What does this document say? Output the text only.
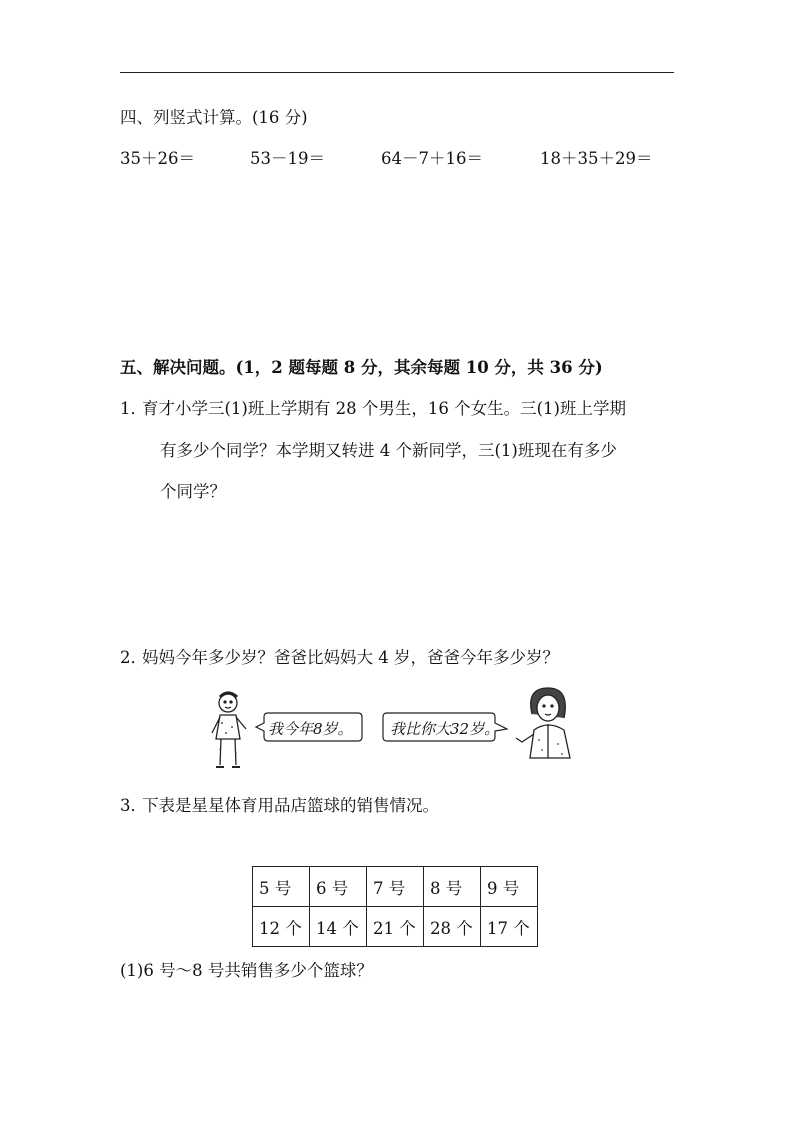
四、列竖式计算。(16 分)
35＋26＝	53－19＝	64－7＋16＝	18＋35＋29＝
五、解决问题。(1，2 题每题 8 分，其余每题 10 分，共 36 分)
1．
育才小学三(1)班上学期有 28 个男生，16 个女生。三(1)班上学期
有多少个同学？本学期又转进 4 个新同学，三(1)班现在有多少
个同学？
2．
妈妈今年多少岁？爸爸比妈妈大 4 岁，爸爸今年多少岁？
我今年8岁。 我比你大32岁。
3．
下表是星星体育用品店篮球的销售情况。
5 号	6 号	7 号	8 号	9 号
12 个	14 个	21 个	28 个	17 个
(1)6 号～8 号共销售多少个篮球？
